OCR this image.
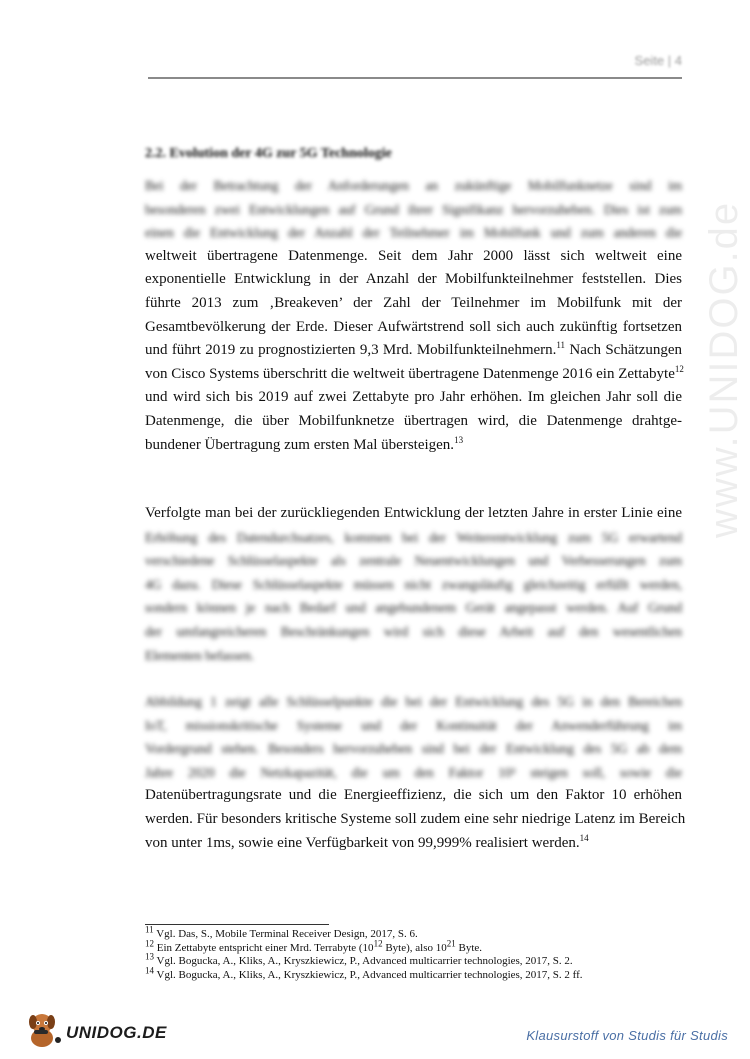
Seite | 4
www.UNIDOG.de
2.2. Evolution der 4G zur 5G Technologie
Bei der Betrachtung der Anforderungen an zukünftige Mobilfunknetze sind im
besonderen zwei Entwicklungen auf Grund ihrer Signifikanz hervorzuheben. Dies ist zum
einen die Entwicklung der Anzahl der Teilnehmer im Mobilfunk und zum anderen die
weltweit übertragene Datenmenge. Seit dem Jahr 2000 lässt sich weltweit eine
exponentielle Entwicklung in der Anzahl der Mobilfunkteilnehmer feststellen. Dies
führte 2013 zum ‚Breakeven’ der Zahl der Teilnehmer im Mobilfunk mit der
Gesamtbevölkerung der Erde. Dieser Aufwärtstrend soll sich auch zukünftig fortsetzen
und führt 2019 zu prognostizierten 9,3 Mrd. Mobilfunkteilnehmern.$^{11}$ Nach Schätzungen
von Cisco Systems überschritt die weltweit übertragene Datenmenge 2016 ein Zettabyte$^{12}$
und wird sich bis 2019 auf zwei Zettabyte pro Jahr erhöhen. Im gleichen Jahr soll die
Datenmenge, die über Mobilfunknetze übertragen wird, die Datenmenge drahtge-
bundener Übertragung zum ersten Mal übersteigen.$^{13}$
Verfolgte man bei der zurückliegenden Entwicklung der letzten Jahre in erster Linie eine
Erhöhung des Datendurchsatzes, kommen bei der Weiterentwicklung zum 5G erwartend
verschiedene Schlüsselaspekte als zentrale Neuentwicklungen und Verbesserungen zum
4G dazu. Diese Schlüsselaspekte müssen nicht zwangsläufig gleichzeitig erfüllt werden,
sondern können je nach Bedarf und angebundenem Gerät angepasst werden. Auf Grund
der umfangreicheren Beschränkungen wird sich diese Arbeit auf den wesentlichen
Elementen befassen.
Abbildung 1 zeigt alle Schlüsselpunkte die bei der Entwicklung des 5G in den Bereichen
IoT, missionskritische Systeme und der Kontinuität der Anwenderführung im
Vordergrund stehen. Besonders hervorzuheben sind bei der Entwicklung des 5G ab dem
Jahre 2020 die Netzkapazität, die um den Faktor 10³ steigen soll, sowie die
Datenübertragungsrate und die Energieeffizienz, die sich um den Faktor 10 erhöhen
werden. Für besonders kritische Systeme soll zudem eine sehr niedrige Latenz im Bereich
von unter 1ms, sowie eine Verfügbarkeit von 99,999% realisiert werden.$^{14}$
$^{11}$ Vgl. Das, S., Mobile Terminal Receiver Design, 2017, S. 6.
$^{12}$ Ein Zettabyte entspricht einer Mrd. Terrabyte ($10^{12}$ Byte), also $10^{21}$ Byte.
$^{13}$ Vgl. Bogucka, A., Kliks, A., Kryszkiewicz, P., Advanced multicarrier technologies, 2017, S. 2.
$^{14}$ Vgl. Bogucka, A., Kliks, A., Kryszkiewicz, P., Advanced multicarrier technologies, 2017, S. 2 ff.
UNIDOG.DE	Klausurstoff von Studis für Studis
